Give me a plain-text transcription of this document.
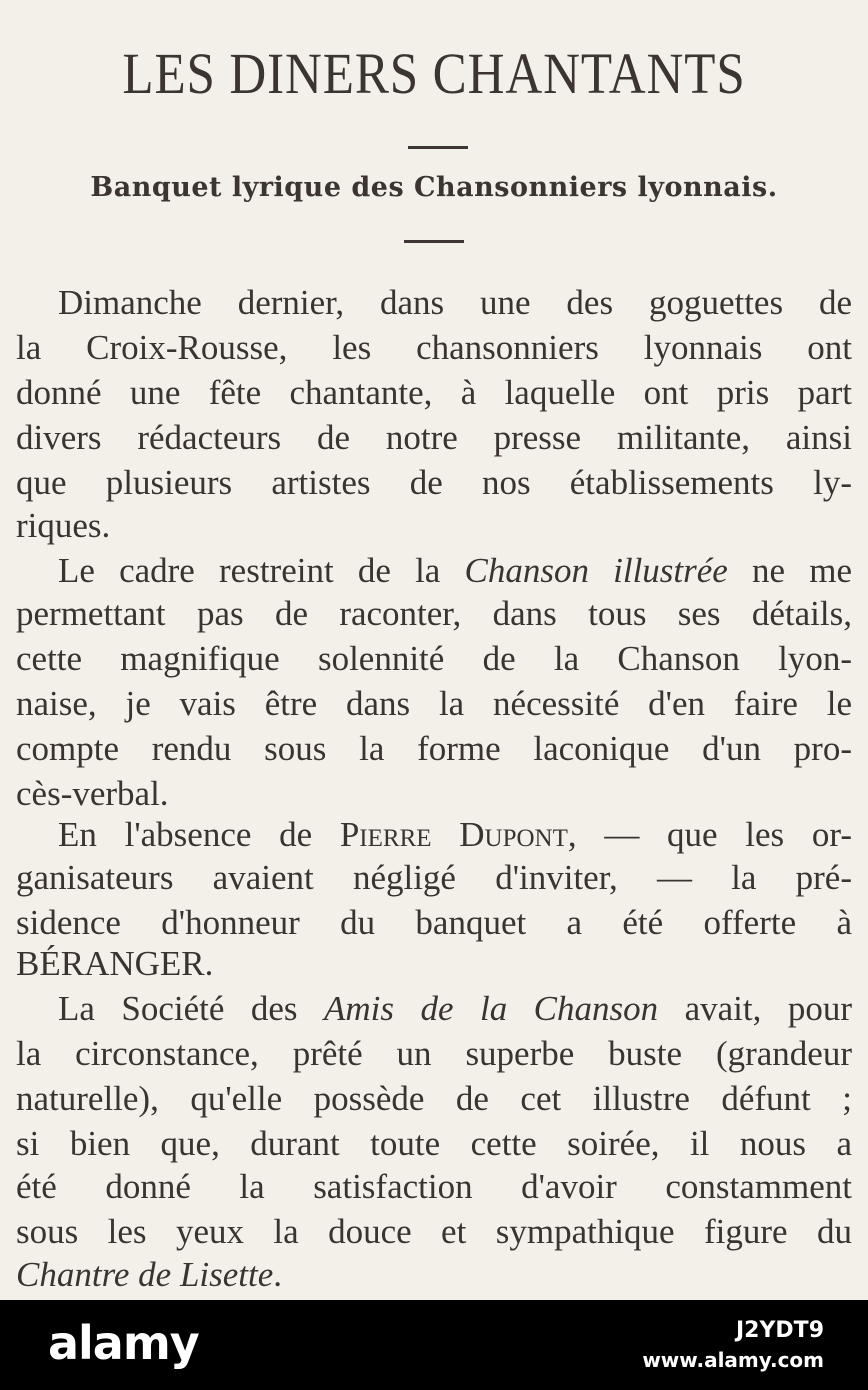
LES DINERS CHANTANTS
Banquet lyrique des Chansonniers lyonnais.
Dimanche dernier, dans une des goguettes de
la Croix-Rousse, les chansonniers lyonnais ont
donné une fête chantante, à laquelle ont pris part
divers rédacteurs de notre presse militante, ainsi
que plusieurs artistes de nos établissements ly-
riques.
Le cadre restreint de la Chanson illustrée ne me
permettant pas de raconter, dans tous ses détails,
cette magnifique solennité de la Chanson lyon-
naise, je vais être dans la nécessité d'en faire le
compte rendu sous la forme laconique d'un pro-
cès-verbal.
En l'absence de Pierre Dupont, — que les or-
ganisateurs avaient négligé d'inviter, — la pré-
sidence d'honneur du banquet a été offerte à
BÉRANGER.
La Société des Amis de la Chanson avait, pour
la circonstance, prêté un superbe buste (grandeur
naturelle), qu'elle possède de cet illustre défunt ;
si bien que, durant toute cette soirée, il nous a
été donné la satisfaction d'avoir constamment
sous les yeux la douce et sympathique figure du
Chantre de Lisette.
alamy	J2YDT9
www.alamy.com
